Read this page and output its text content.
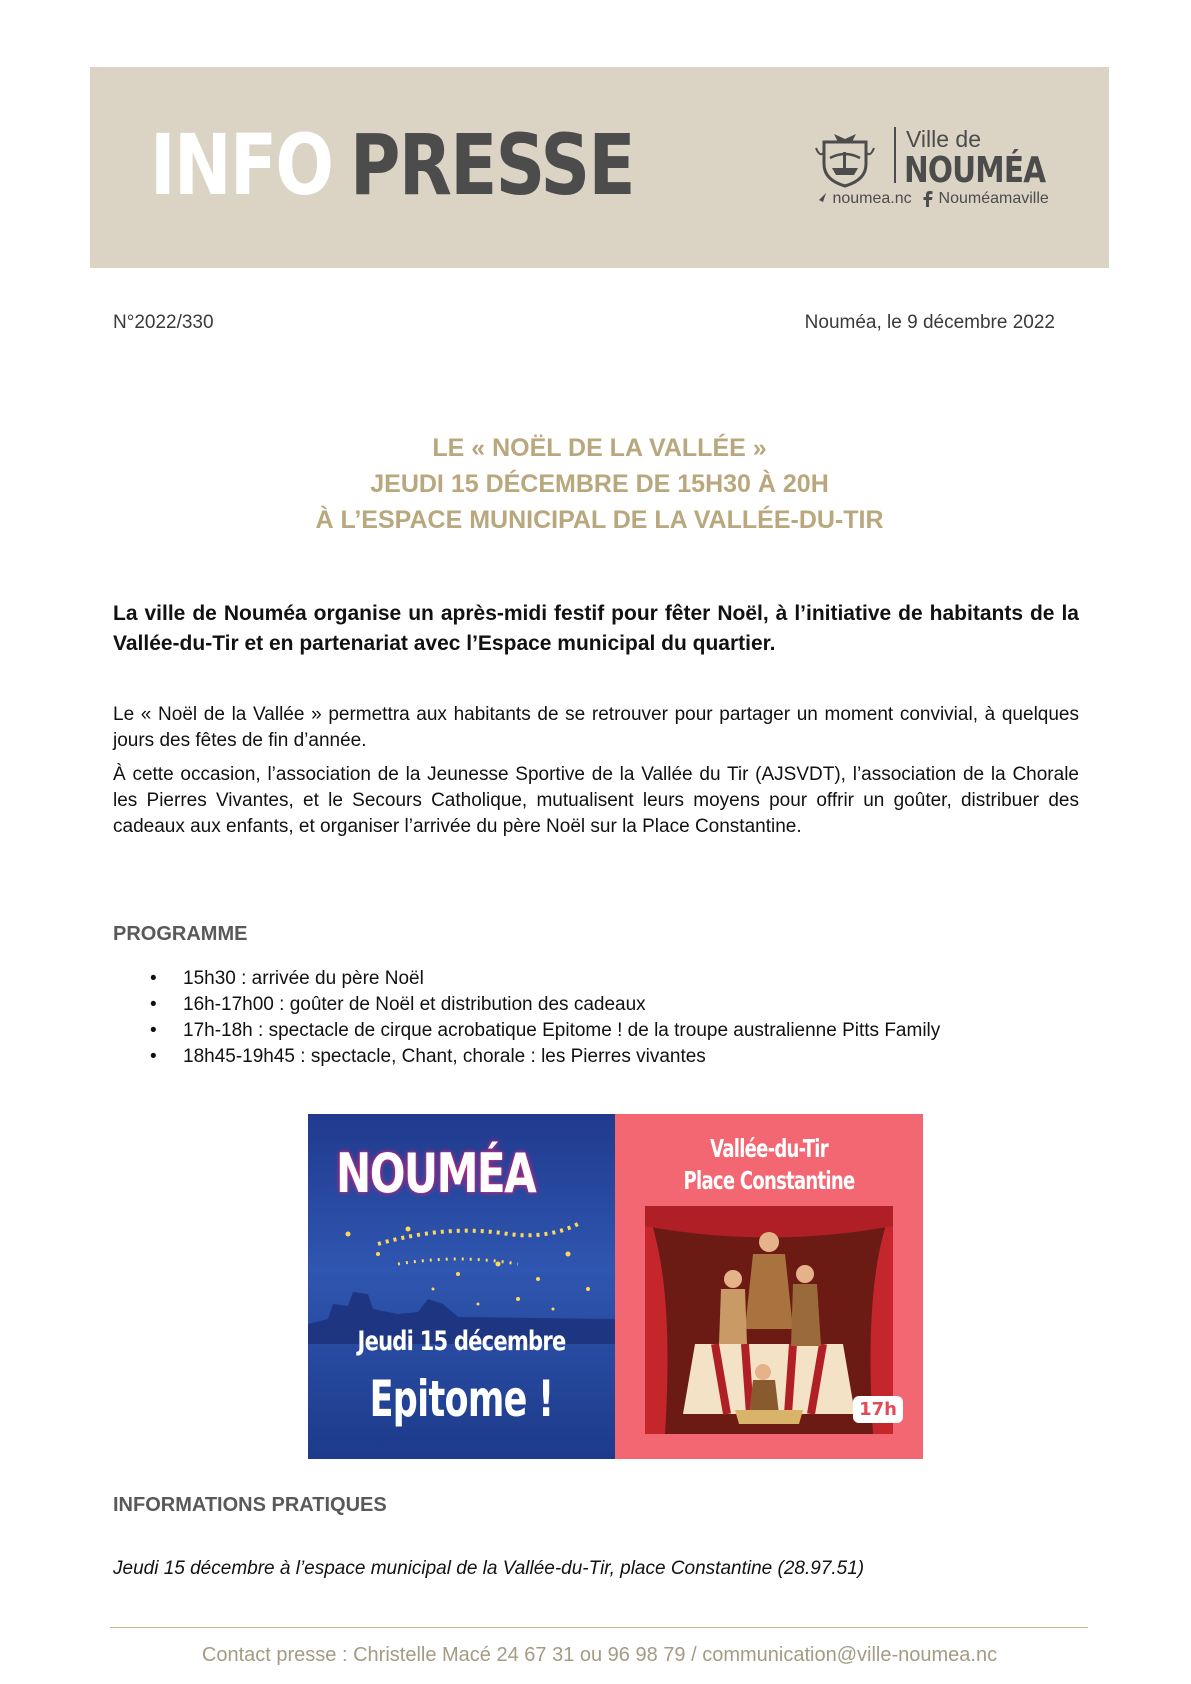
INFO PRESSE	Ville de
NOUMÉA
noumea.nc Nouméamaville
N°2022/330	Nouméa, le 9 décembre 2022
LE « NOËL DE LA VALLÉE »
JEUDI 15 DÉCEMBRE DE 15H30 À 20H
À L’ESPACE MUNICIPAL DE LA VALLÉE-DU-TIR
La ville de Nouméa organise un après-midi festif pour fêter Noël, à l’initiative de habitants de la Vallée-du-Tir et en partenariat avec l’Espace municipal du quartier.
Le « Noël de la Vallée » permettra aux habitants de se retrouver pour partager un moment convivial, à quelques jours des fêtes de fin d’année.
À cette occasion, l’association de la Jeunesse Sportive de la Vallée du Tir (AJSVDT), l’association de la Chorale les Pierres Vivantes, et le Secours Catholique, mutualisent leurs moyens pour offrir un goûter, distribuer des cadeaux aux enfants, et organiser l’arrivée du père Noël sur la Place Constantine.
PROGRAMME
• 15h30 : arrivée du père Noël
• 16h-17h00 : goûter de Noël et distribution des cadeaux
• 17h-18h : spectacle de cirque acrobatique Epitome ! de la troupe australienne Pitts Family
• 18h45-19h45 : spectacle, Chant, chorale : les Pierres vivantes
NOUMÉA
Jeudi 15 décembre
Epitome !
Vallée-du-Tir
Place Constantine
17h
INFORMATIONS PRATIQUES
Jeudi 15 décembre à l’espace municipal de la Vallée-du-Tir, place Constantine (28.97.51)
Contact presse : Christelle Macé 24 67 31 ou 96 98 79 / communication@ville-noumea.nc
